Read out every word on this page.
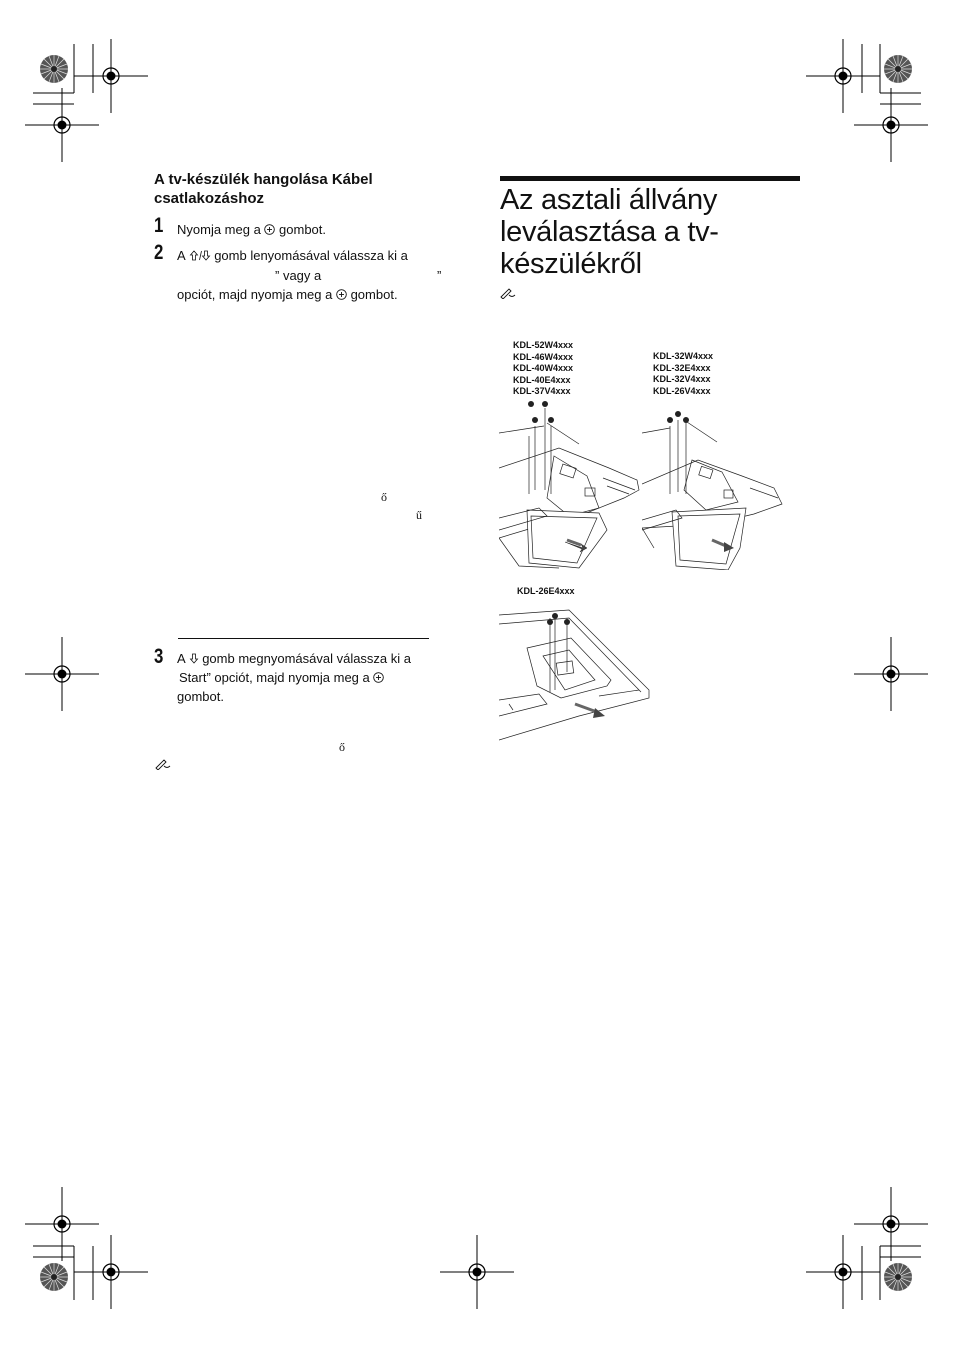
A tv-készülék hangolása Kábel csatlakozáshoz
1 Nyomja meg a  gombot.
2 A  gomb lenyomásával válassza ki a
” vagy a	”
opciót, majd nyomja meg a  gombot.
ő
ű
3 A  gomb megnyomásával válassza ki a
Start” opciót, majd nyomja meg a
gombot.
ő
Az asztali állvány
leválasztása a tv-
készülékről
KDL-52W4xxx
KDL-46W4xxx
KDL-40W4xxx
KDL-40E4xxx
KDL-37V4xxx
KDL-32W4xxx
KDL-32E4xxx
KDL-32V4xxx
KDL-26V4xxx
KDL-26E4xxx
